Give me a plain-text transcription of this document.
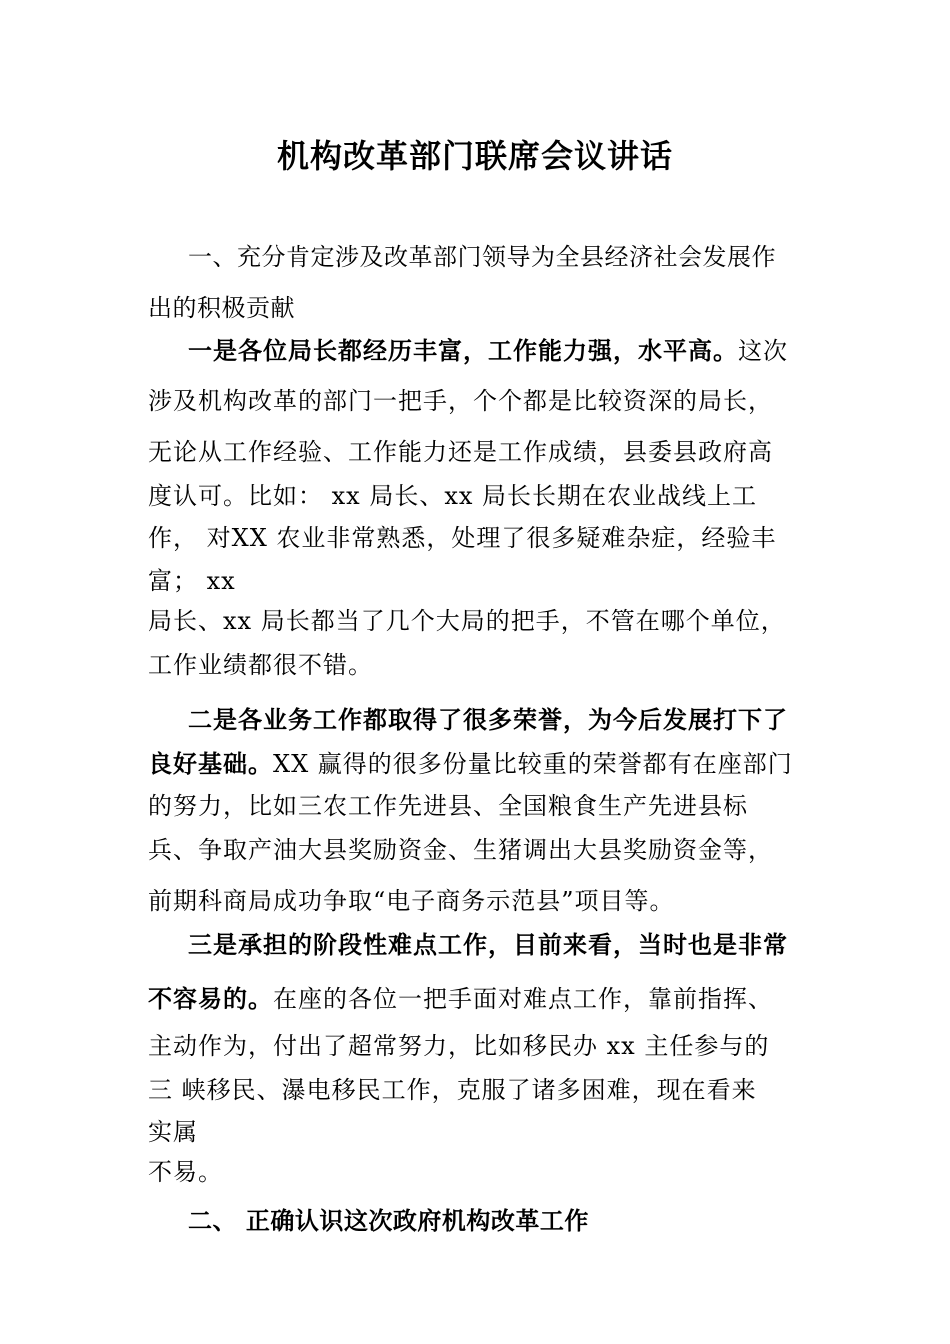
机构改革部门联席会议讲话
一、充分肯定涉及改革部门领导为全县经济社会发展作
出的积极贡献
一是各位局长都经历丰富，工作能力强，水平高。这次
涉及机构改革的部门一把手，个个都是比较资深的局长，
无论从工作经验、工作能力还是工作成绩，县委县政府高
度认可。比如： xx 局长、xx 局长长期在农业战线上工
作， 对XX 农业非常熟悉，处理了很多疑难杂症，经验丰
富； xx
局长、xx 局长都当了几个大局的把手，不管在哪个单位，
工作业绩都很不错。
二是各业务工作都取得了很多荣誉，为今后发展打下了
良好基础。XX 赢得的很多份量比较重的荣誉都有在座部门
的努力，比如三农工作先进县、全国粮食生产先进县标
兵、争取产油大县奖励资金、生猪调出大县奖励资金等，
前期科商局成功争取“电子商务示范县”项目等。
三是承担的阶段性难点工作，目前来看，当时也是非常
不容易的。在座的各位一把手面对难点工作，靠前指挥、
主动作为，付出了超常努力，比如移民办 xx 主任参与的
三 峡移民、瀑电移民工作，克服了诸多困难，现在看来
实属
不易。
二、 正确认识这次政府机构改革工作
